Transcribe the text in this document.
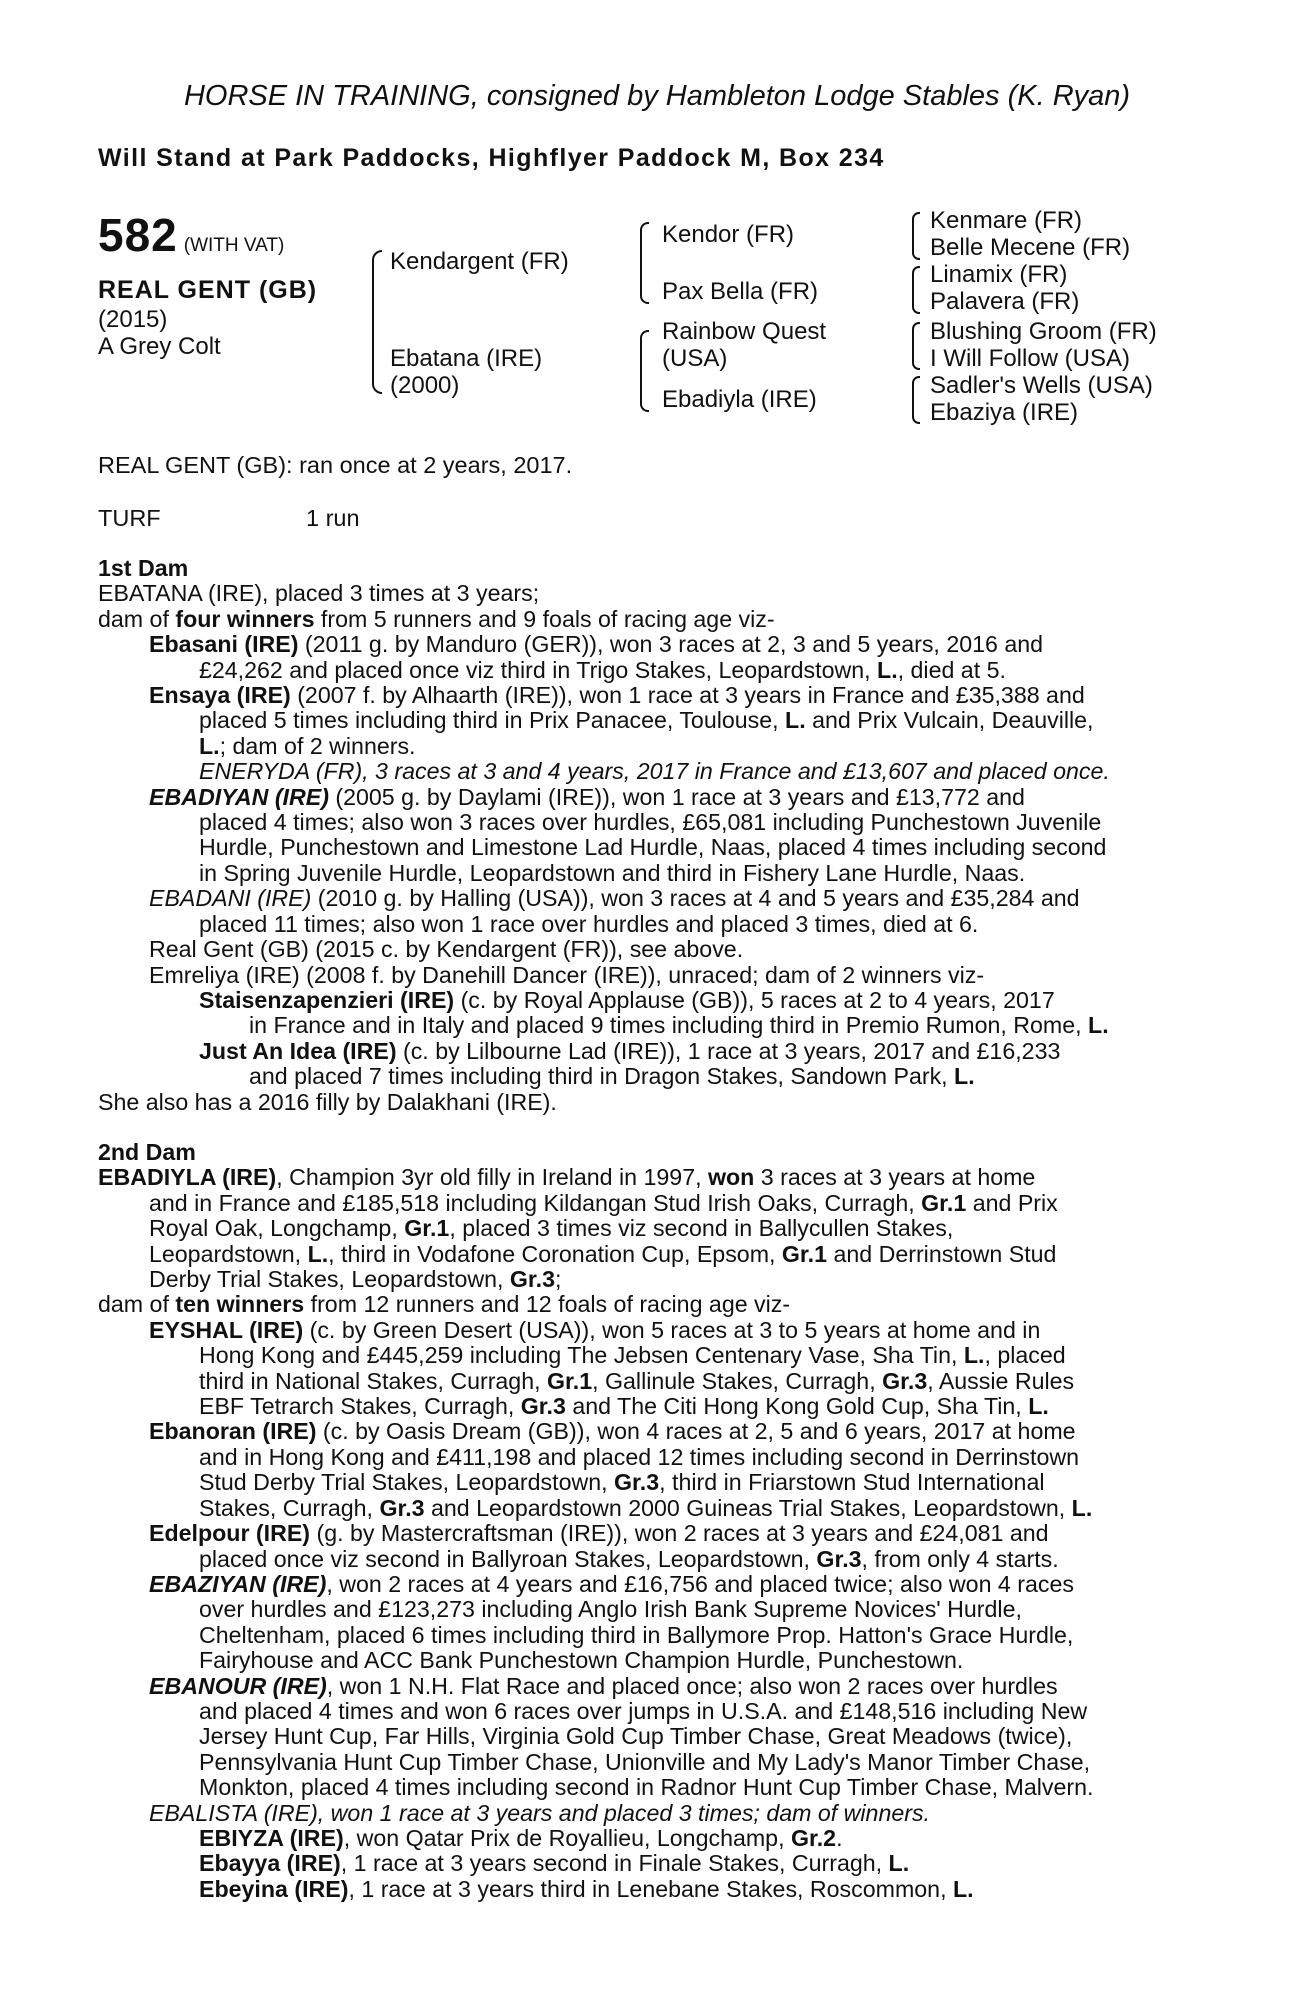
HORSE IN TRAINING, consigned by Hambleton Lodge Stables (K. Ryan)
Will Stand at Park Paddocks, Highflyer Paddock M, Box 234
582 (WITH VAT)
REAL GENT (GB)
(2015)
A Grey Colt
Kendargent (FR)
Ebatana (IRE)
(2000)
Kendor (FR)
Pax Bella (FR)
Rainbow Quest
(USA)
Ebadiyla (IRE)
Kenmare (FR)
Belle Mecene (FR)
Linamix (FR)
Palavera (FR)
Blushing Groom (FR)
I Will Follow (USA)
Sadler's Wells (USA)
Ebaziya (IRE)
REAL GENT (GB): ran once at 2 years, 2017.
TURF	1 run
1st Dam
EBATANA (IRE), placed 3 times at 3 years;
dam of four winners from 5 runners and 9 foals of racing age viz-
Ebasani (IRE) (2011 g. by Manduro (GER)), won 3 races at 2, 3 and 5 years, 2016 and
£24,262 and placed once viz third in Trigo Stakes, Leopardstown, L., died at 5.
Ensaya (IRE) (2007 f. by Alhaarth (IRE)), won 1 race at 3 years in France and £35,388 and
placed 5 times including third in Prix Panacee, Toulouse, L. and Prix Vulcain, Deauville,
L.; dam of 2 winners.
ENERYDA (FR), 3 races at 3 and 4 years, 2017 in France and £13,607 and placed once.
EBADIYAN (IRE) (2005 g. by Daylami (IRE)), won 1 race at 3 years and £13,772 and
placed 4 times; also won 3 races over hurdles, £65,081 including Punchestown Juvenile
Hurdle, Punchestown and Limestone Lad Hurdle, Naas, placed 4 times including second
in Spring Juvenile Hurdle, Leopardstown and third in Fishery Lane Hurdle, Naas.
EBADANI (IRE) (2010 g. by Halling (USA)), won 3 races at 4 and 5 years and £35,284 and
placed 11 times; also won 1 race over hurdles and placed 3 times, died at 6.
Real Gent (GB) (2015 c. by Kendargent (FR)), see above.
Emreliya (IRE) (2008 f. by Danehill Dancer (IRE)), unraced; dam of 2 winners viz-
Staisenzapenzieri (IRE) (c. by Royal Applause (GB)), 5 races at 2 to 4 years, 2017
in France and in Italy and placed 9 times including third in Premio Rumon, Rome, L.
Just An Idea (IRE) (c. by Lilbourne Lad (IRE)), 1 race at 3 years, 2017 and £16,233
and placed 7 times including third in Dragon Stakes, Sandown Park, L.
She also has a 2016 filly by Dalakhani (IRE).
2nd Dam
EBADIYLA (IRE), Champion 3yr old filly in Ireland in 1997, won 3 races at 3 years at home
and in France and £185,518 including Kildangan Stud Irish Oaks, Curragh, Gr.1 and Prix
Royal Oak, Longchamp, Gr.1, placed 3 times viz second in Ballycullen Stakes,
Leopardstown, L., third in Vodafone Coronation Cup, Epsom, Gr.1 and Derrinstown Stud
Derby Trial Stakes, Leopardstown, Gr.3;
dam of ten winners from 12 runners and 12 foals of racing age viz-
EYSHAL (IRE) (c. by Green Desert (USA)), won 5 races at 3 to 5 years at home and in
Hong Kong and £445,259 including The Jebsen Centenary Vase, Sha Tin, L., placed
third in National Stakes, Curragh, Gr.1, Gallinule Stakes, Curragh, Gr.3, Aussie Rules
EBF Tetrarch Stakes, Curragh, Gr.3 and The Citi Hong Kong Gold Cup, Sha Tin, L.
Ebanoran (IRE) (c. by Oasis Dream (GB)), won 4 races at 2, 5 and 6 years, 2017 at home
and in Hong Kong and £411,198 and placed 12 times including second in Derrinstown
Stud Derby Trial Stakes, Leopardstown, Gr.3, third in Friarstown Stud International
Stakes, Curragh, Gr.3 and Leopardstown 2000 Guineas Trial Stakes, Leopardstown, L.
Edelpour (IRE) (g. by Mastercraftsman (IRE)), won 2 races at 3 years and £24,081 and
placed once viz second in Ballyroan Stakes, Leopardstown, Gr.3, from only 4 starts.
EBAZIYAN (IRE), won 2 races at 4 years and £16,756 and placed twice; also won 4 races
over hurdles and £123,273 including Anglo Irish Bank Supreme Novices' Hurdle,
Cheltenham, placed 6 times including third in Ballymore Prop. Hatton's Grace Hurdle,
Fairyhouse and ACC Bank Punchestown Champion Hurdle, Punchestown.
EBANOUR (IRE), won 1 N.H. Flat Race and placed once; also won 2 races over hurdles
and placed 4 times and won 6 races over jumps in U.S.A. and £148,516 including New
Jersey Hunt Cup, Far Hills, Virginia Gold Cup Timber Chase, Great Meadows (twice),
Pennsylvania Hunt Cup Timber Chase, Unionville and My Lady's Manor Timber Chase,
Monkton, placed 4 times including second in Radnor Hunt Cup Timber Chase, Malvern.
EBALISTA (IRE), won 1 race at 3 years and placed 3 times; dam of winners.
EBIYZA (IRE), won Qatar Prix de Royallieu, Longchamp, Gr.2.
Ebayya (IRE), 1 race at 3 years second in Finale Stakes, Curragh, L.
Ebeyina (IRE), 1 race at 3 years third in Lenebane Stakes, Roscommon, L.
